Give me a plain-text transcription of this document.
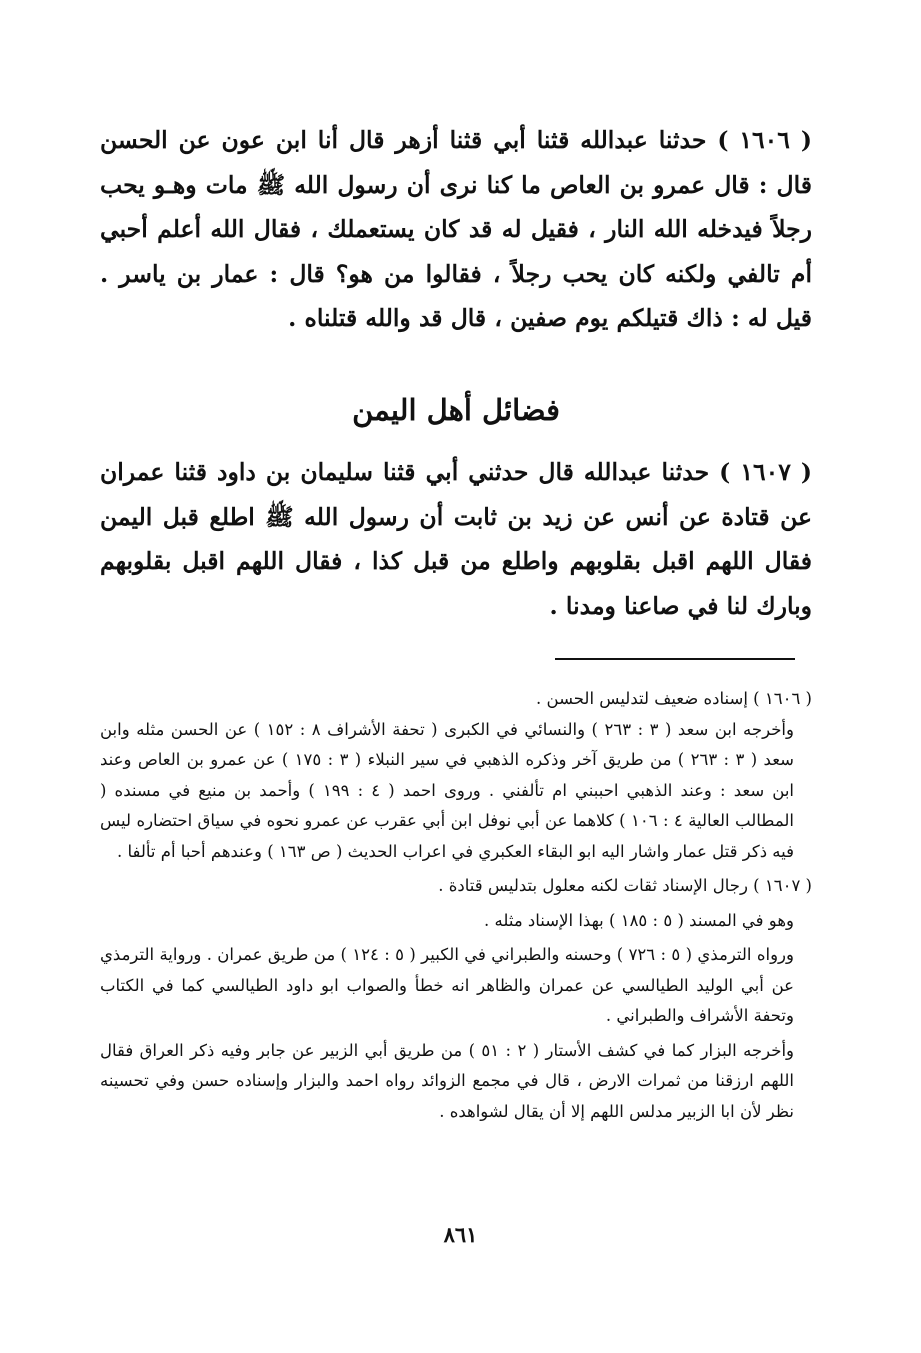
( ١٦٠٦ ) حدثنا عبدالله قثنا أبي قثنا أزهر قال أنا ابن عون عن الحسن قال : قال عمرو بن العاص ما كنا نرى أن رسول الله ﷺ مات وهـو يحب رجلاً فيدخله الله النار ، فقيل له قد كان يستعملك ، فقال الله أعلم أحبي أم تالفي ولكنه كان يحب رجلاً ، فقالوا من هو؟ قال : عمار بن ياسر . قيل له : ذاك قتيلكم يوم صفين ، قال قد والله قتلناه .

فضائل أهل اليمن

( ١٦٠٧ ) حدثنا عبدالله قال حدثني أبي قثنا سليمان بن داود قثنا عمران عن قتادة عن أنس عن زيد بن ثابت أن رسول الله ﷺ اطلع قبل اليمن فقال اللهم اقبل بقلوبهم واطلع من قبل كذا ، فقال اللهم اقبل بقلوبهم وبارك لنا في صاعنا ومدنا .

( ١٦٠٦ ) إسناده ضعيف لتدليس الحسن .

وأخرجه ابن سعد ( ٣ : ٢٦٣ ) والنسائي في الكبرى ( تحفة الأشراف ٨ : ١٥٢ ) عن الحسن مثله وابن سعد ( ٣ : ٢٦٣ ) من طريق آخر وذكره الذهبي في سير النبلاء ( ٣ : ١٧٥ ) عن عمرو بن العاص وعند ابن سعد : وعند الذهبي احببني ام تألفني . وروى احمد ( ٤ : ١٩٩ ) وأحمد بن منيع في مسنده ( المطالب العالية ٤ : ١٠٦ ) كلاهما عن أبي نوفل ابن أبي عقرب عن عمرو نحوه في سياق احتضاره ليس فيه ذكر قتل عمار واشار اليه ابو البقاء العكبري في اعراب الحديث ( ص ١٦٣ ) وعندهم أحبا أم تألفا .

( ١٦٠٧ ) رجال الإسناد ثقات لكنه معلول بتدليس قتادة .

وهو في المسند ( ٥ : ١٨٥ ) بهذا الإسناد مثله .

ورواه الترمذي ( ٥ : ٧٢٦ ) وحسنه والطبراني في الكبير ( ٥ : ١٢٤ ) من طريق عمران . ورواية الترمذي عن أبي الوليد الطيالسي عن عمران والظاهر انه خطأ والصواب ابو داود الطيالسي كما في الكتاب وتحفة الأشراف والطبراني .

وأخرجه البزار كما في كشف الأستار ( ٢ : ٥١ ) من طريق أبي الزبير عن جابر وفيه ذكر العراق فقال اللهم ارزقنا من ثمرات الارض ، قال في مجمع الزوائد رواه احمد والبزار وإسناده حسن وفي تحسينه نظر لأن ابا الزبير مدلس اللهم إلا أن يقال لشواهده .

٨٦١
